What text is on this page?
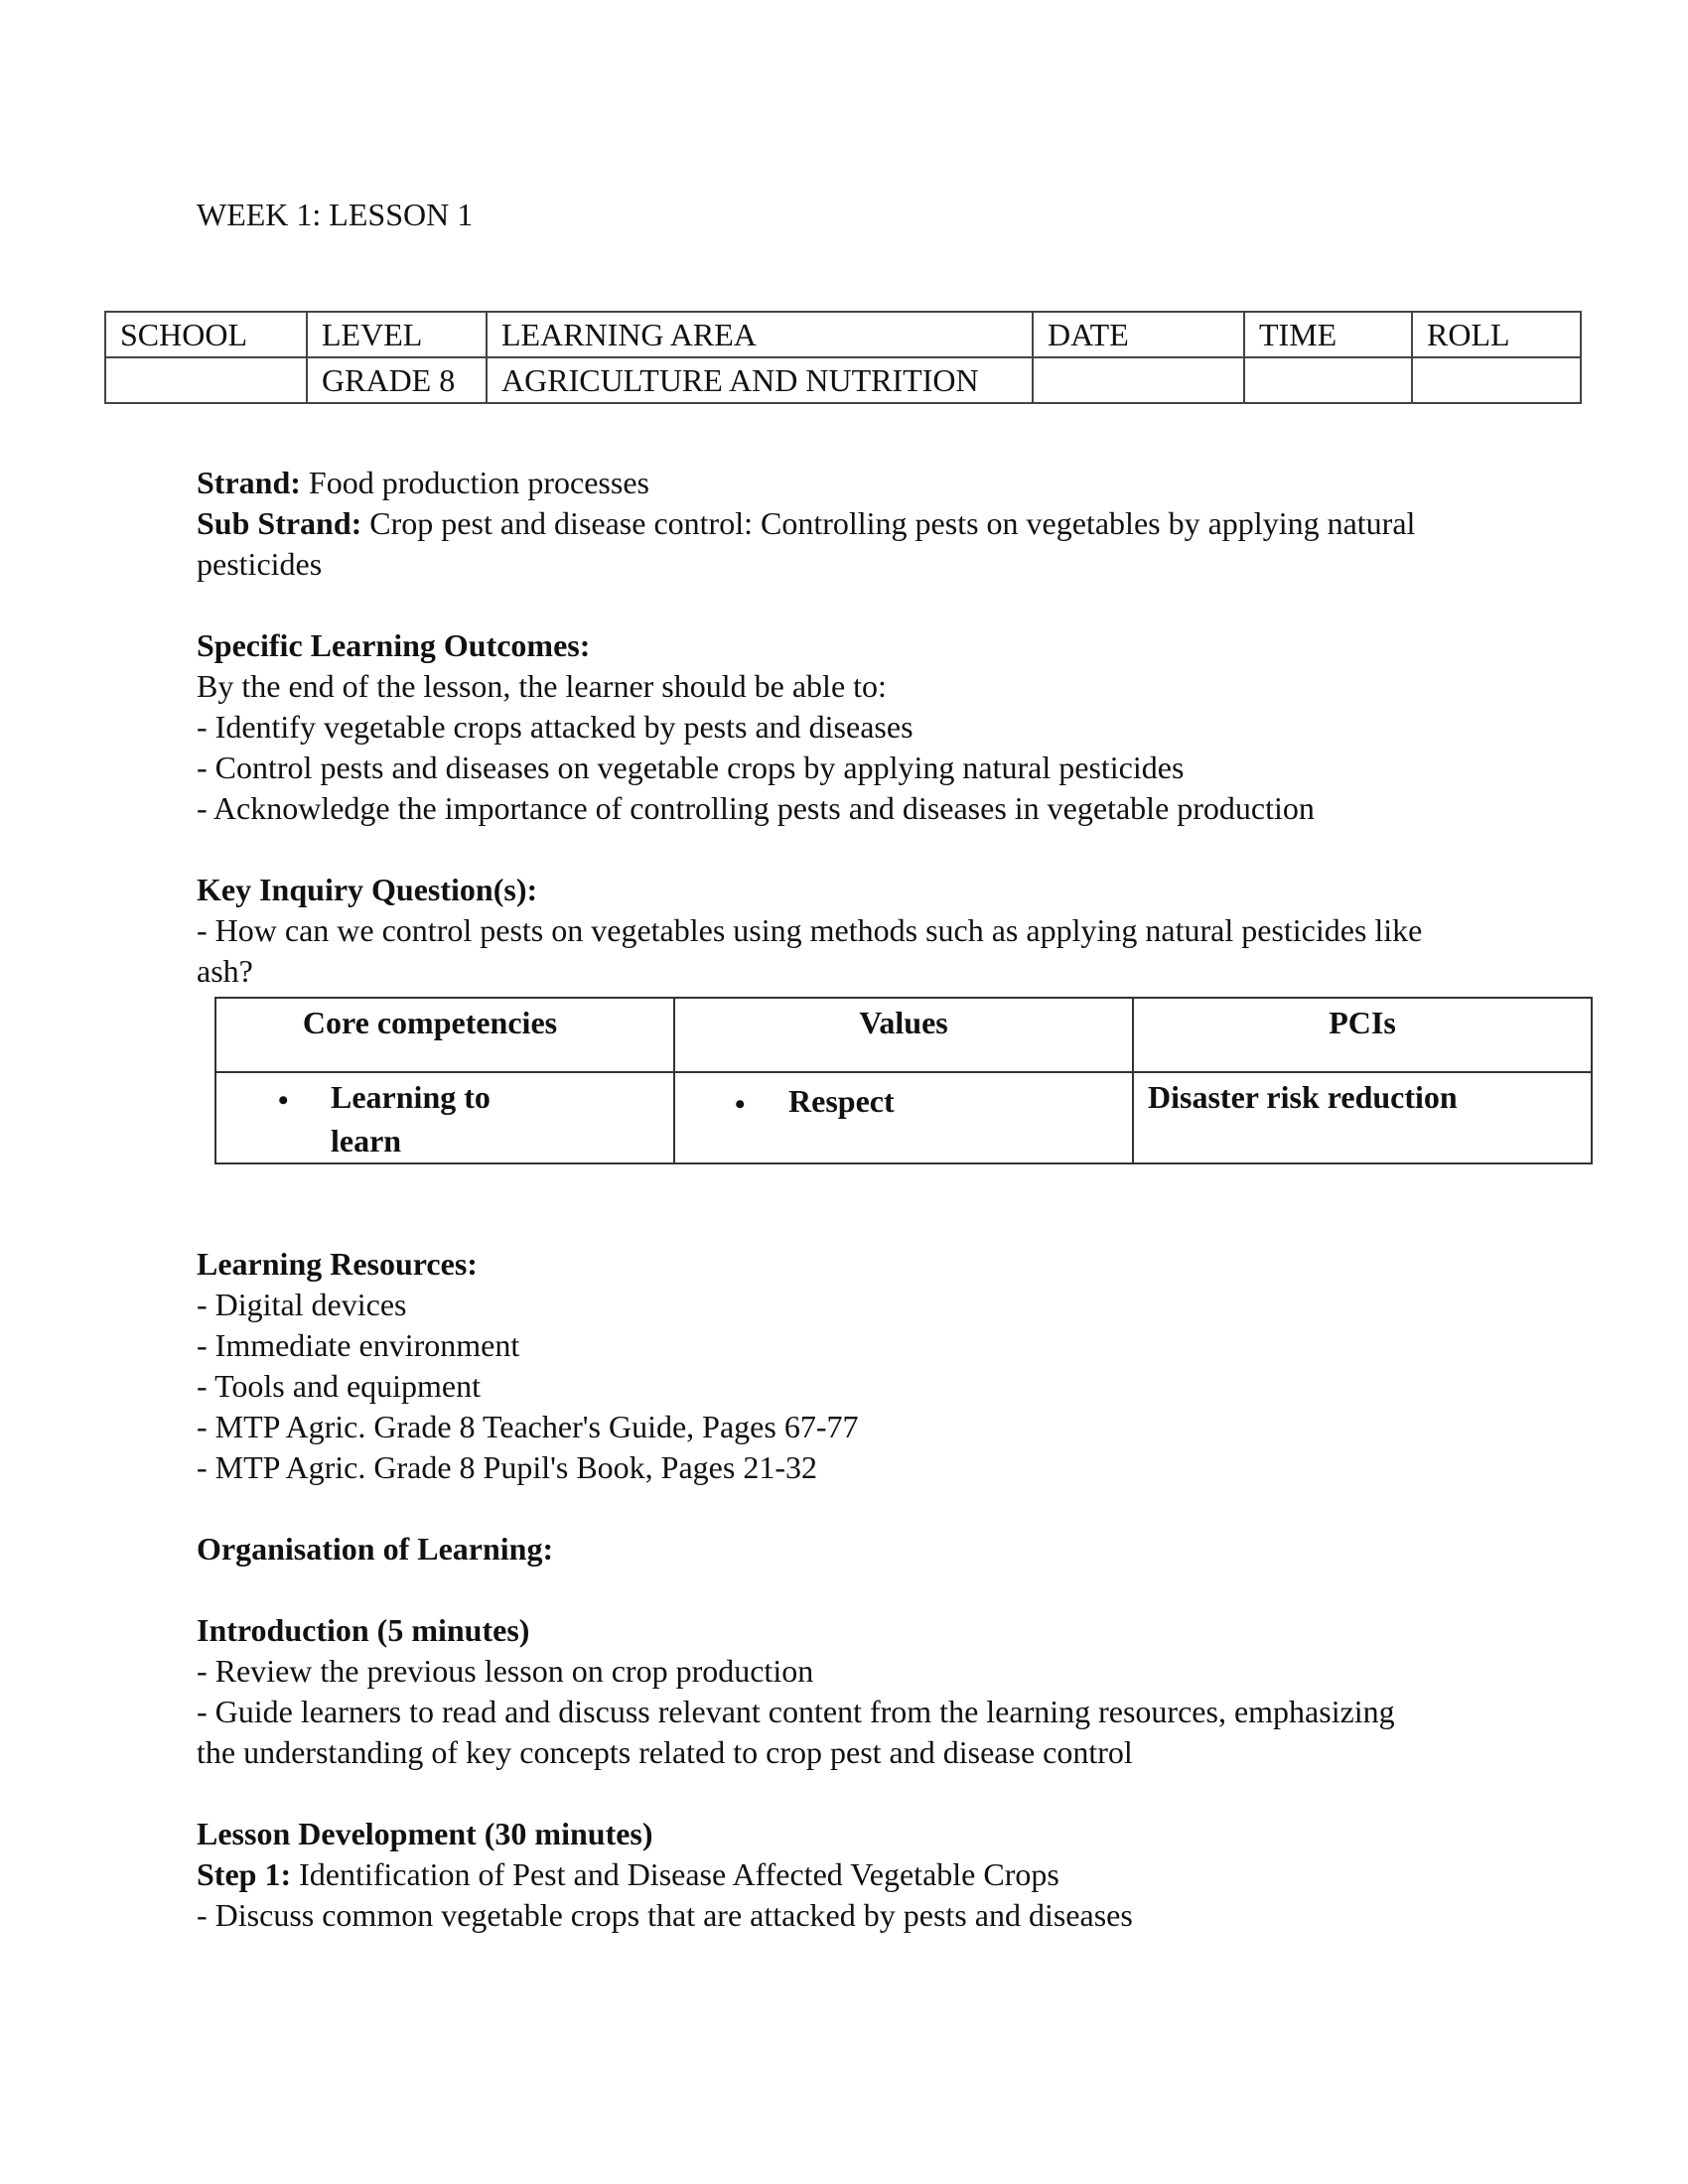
WEEK 1: LESSON 1
SCHOOL	LEVEL	LEARNING AREA	DATE	TIME	ROLL
	GRADE 8	AGRICULTURE AND NUTRITION			
Strand: Food production processes
Sub Strand: Crop pest and disease control: Controlling pests on vegetables by applying natural
pesticides
Specific Learning Outcomes:
By the end of the lesson, the learner should be able to:
- Identify vegetable crops attacked by pests and diseases
- Control pests and diseases on vegetable crops by applying natural pesticides
- Acknowledge the importance of controlling pests and diseases in vegetable production
Key Inquiry Question(s):
- How can we control pests on vegetables using methods such as applying natural pesticides like
ash?
Core competencies	Values	PCIs

• Learning to
learn	• Respect	Disaster risk reduction
Learning Resources:
- Digital devices
- Immediate environment
- Tools and equipment
- MTP Agric. Grade 8 Teacher's Guide, Pages 67-77
- MTP Agric. Grade 8 Pupil's Book, Pages 21-32
Organisation of Learning:
Introduction (5 minutes)
- Review the previous lesson on crop production
- Guide learners to read and discuss relevant content from the learning resources, emphasizing
the understanding of key concepts related to crop pest and disease control
Lesson Development (30 minutes)
Step 1: Identification of Pest and Disease Affected Vegetable Crops
- Discuss common vegetable crops that are attacked by pests and diseases
